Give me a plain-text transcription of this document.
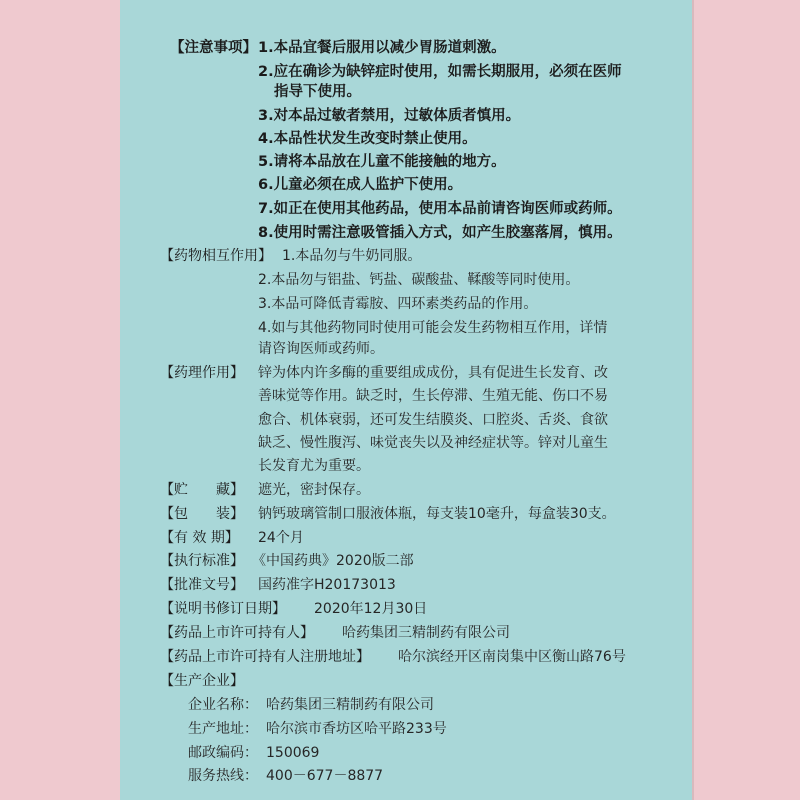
【注意事项】 1.本品宜餐后服用以减少胃肠道刺激。
2.应在确诊为缺锌症时使用，如需长期服用，必须在医师
指导下使用。
3.对本品过敏者禁用，过敏体质者慎用。
4.本品性状发生改变时禁止使用。
5.请将本品放在儿童不能接触的地方。
6.儿童必须在成人监护下使用。
7.如正在使用其他药品，使用本品前请咨询医师或药师。
8.使用时需注意吸管插入方式，如产生胶塞落屑，慎用。
【药物相互作用】 1.本品勿与牛奶同服。
2.本品勿与铝盐、钙盐、碳酸盐、鞣酸等同时使用。
3.本品可降低青霉胺、四环素类药品的作用。
4.如与其他药物同时使用可能会发生药物相互作用，详情
请咨询医师或药师。
【药理作用】 锌为体内许多酶的重要组成成份，具有促进生长发育、改
善味觉等作用。缺乏时，生长停滞、生殖无能、伤口不易
愈合、机体衰弱，还可发生结膜炎、口腔炎、舌炎、食欲
缺乏、慢性腹泻、味觉丧失以及神经症状等。锌对儿童生
长发育尤为重要。
【贮　　藏】 遮光，密封保存。
【包　　装】 钠钙玻璃管制口服液体瓶，每支装10毫升，每盒装30支。
【有 效 期】 24个月
【执行标准】 《中国药典》2020版二部
【批准文号】 国药准字H20173013
【说明书修订日期】 2020年12月30日
【药品上市许可持有人】 哈药集团三精制药有限公司
【药品上市许可持有人注册地址】 哈尔滨经开区南岗集中区衡山路76号
【生产企业】
企业名称： 哈药集团三精制药有限公司
生产地址： 哈尔滨市香坊区哈平路233号
邮政编码： 150069
服务热线： 400－677－8877
